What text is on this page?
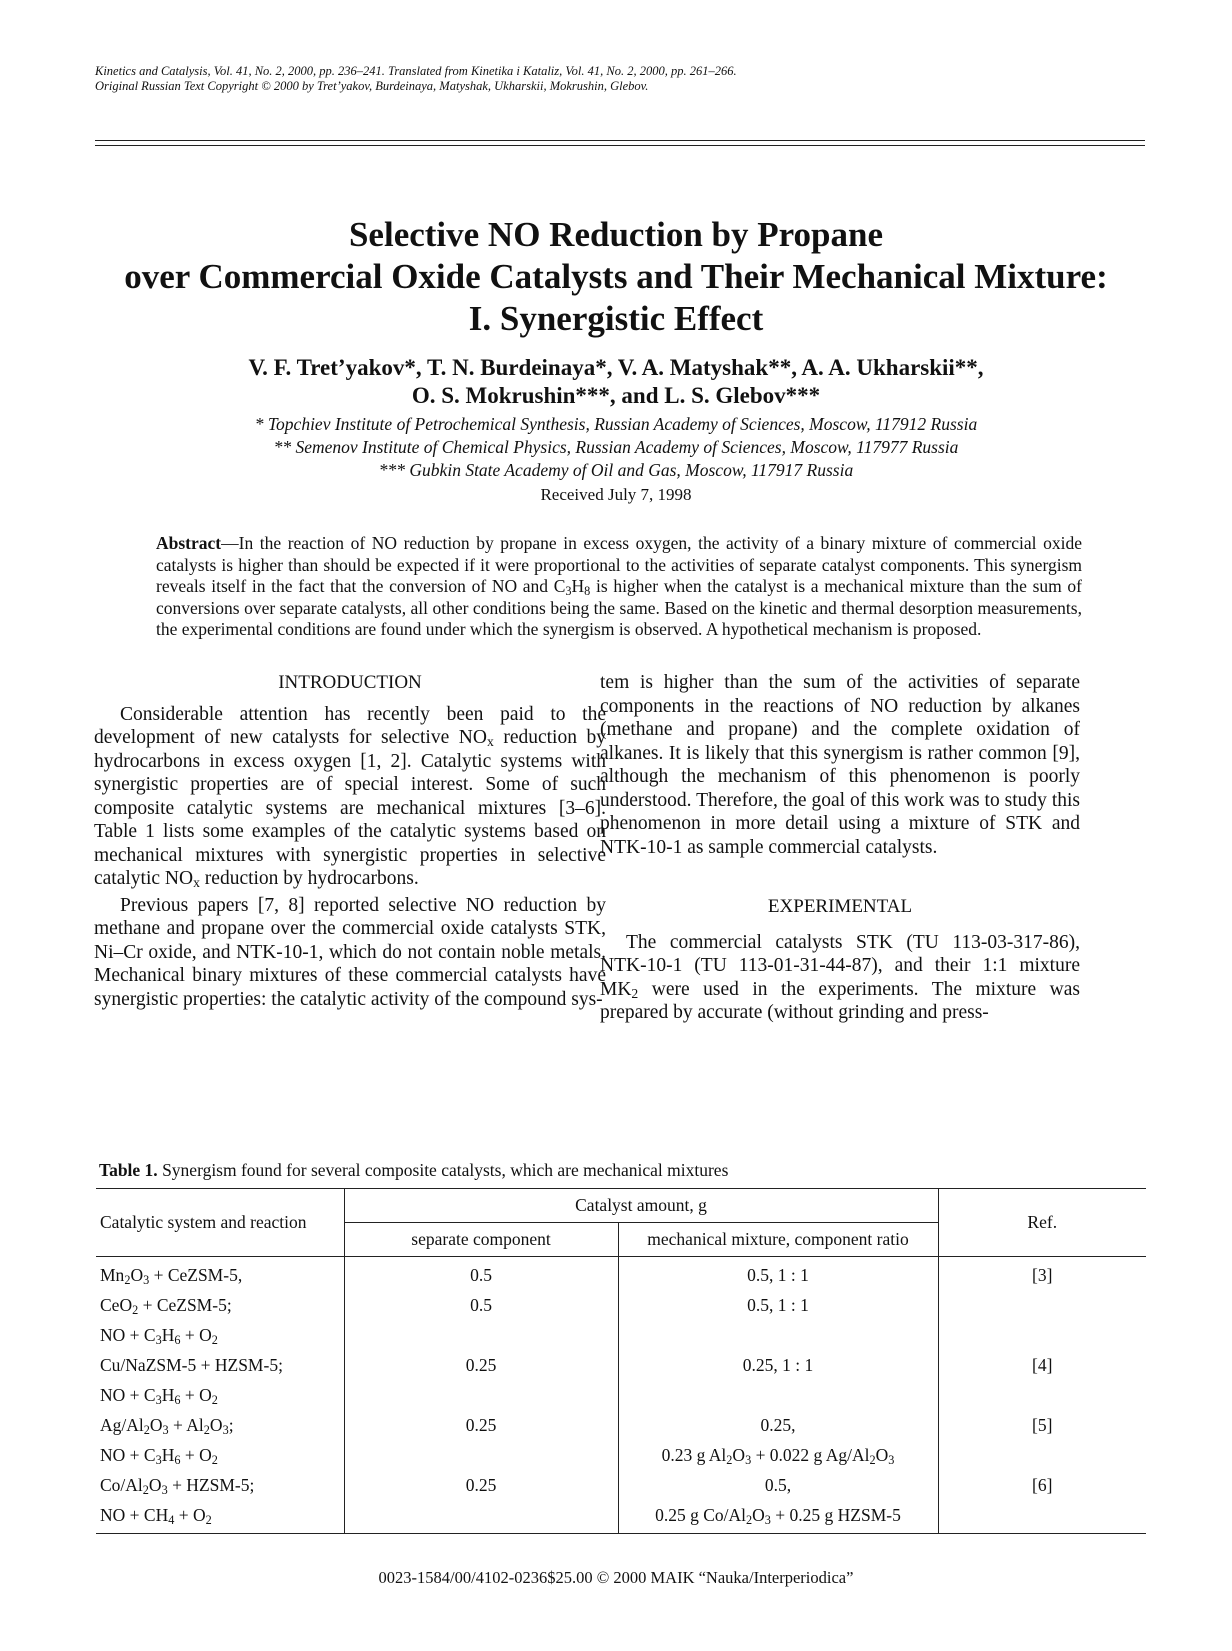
Kinetics and Catalysis, Vol. 41, No. 2, 2000, pp. 236–241. Translated from Kinetika i Kataliz, Vol. 41, No. 2, 2000, pp. 261–266.
Original Russian Text Copyright © 2000 by Tret’yakov, Burdeinaya, Matyshak, Ukharskii, Mokrushin, Glebov.
Selective NO Reduction by Propane
over Commercial Oxide Catalysts and Their Mechanical Mixture:
I. Synergistic Effect
V. F. Tret’yakov*, T. N. Burdeinaya*, V. A. Matyshak**, A. A. Ukharskii**,
O. S. Mokrushin***, and L. S. Glebov***
* Topchiev Institute of Petrochemical Synthesis, Russian Academy of Sciences, Moscow, 117912 Russia
** Semenov Institute of Chemical Physics, Russian Academy of Sciences, Moscow, 117977 Russia
*** Gubkin State Academy of Oil and Gas, Moscow, 117917 Russia
Received July 7, 1998
Abstract—In the reaction of NO reduction by propane in excess oxygen, the activity of a binary mixture of commercial oxide catalysts is higher than should be expected if it were proportional to the activities of separate catalyst components. This synergism reveals itself in the fact that the conversion of NO and $C_3H_8$ is higher when the catalyst is a mechanical mixture than the sum of conversions over separate catalysts, all other conditions being the same. Based on the kinetic and thermal desorption measurements, the experimental conditions are found under which the synergism is observed. A hypothetical mechanism is proposed.

INTRODUCTION

Considerable attention has recently been paid to the development of new catalysts for selective $NO_x$ reduction by hydrocarbons in excess oxygen [1, 2]. Catalytic systems with synergistic properties are of special interest. Some of such composite catalytic systems are mechanical mixtures [3–6]. Table 1 lists some examples of the catalytic systems based on mechanical mixtures with synergistic properties in selective catalytic $NO_x$ reduction by hydrocarbons.

Previous papers [7, 8] reported selective NO reduction by methane and propane over the commercial oxide catalysts STK, Ni–Cr oxide, and NTK-10-1, which do not contain noble metals. Mechanical binary mixtures of these commercial catalysts have synergistic properties: the catalytic activity of the compound sys-

tem is higher than the sum of the activities of separate components in the reactions of NO reduction by alkanes (methane and propane) and the complete oxidation of alkanes. It is likely that this synergism is rather common [9], although the mechanism of this phenomenon is poorly understood. Therefore, the goal of this work was to study this phenomenon in more detail using a mixture of STK and NTK-10-1 as sample commercial catalysts.

EXPERIMENTAL

The commercial catalysts STK (TU 113-03-317-86), NTK-10-1 (TU 113-01-31-44-87), and their 1:1 mixture $MK_2$ were used in the experiments. The mixture was prepared by accurate (without grinding and press-

Table 1. Synergism found for several composite catalysts, which are mechanical mixtures
Catalytic system and reaction	Catalyst amount, g		Ref.
	separate component	mechanical mixture, component ratio	
$Mn_2O_3$ + CeZSM-5,	0.5	0.5, 1 : 1	[3]
CeO$_2$ + CeZSM-5;	0.5	0.5, 1 : 1	
NO + $C_3H_6 + O_2$			
Cu/NaZSM-5 + HZSM-5;	0.25	0.25, 1 : 1	[4]
NO + $C_3H_6 + O_2$			
$Ag/Al_2O_3 + Al_2O_3$;	0.25	0.25,	[5]
NO + $C_3H_6 + O_2$		0.23 g $Al_2O_3 + 0.022$ g $Ag/Al_2O_3$	
$Co/Al_2O_3$ + HZSM-5;	0.25	0.5,	[6]
NO + $CH_4 + O_2$		0.25 g $Co/Al_2O_3 + 0.25$ g HZSM-5	
0023-1584/00/4102-0236$25.00 © 2000 MAIK “Nauka/Interperiodica”
